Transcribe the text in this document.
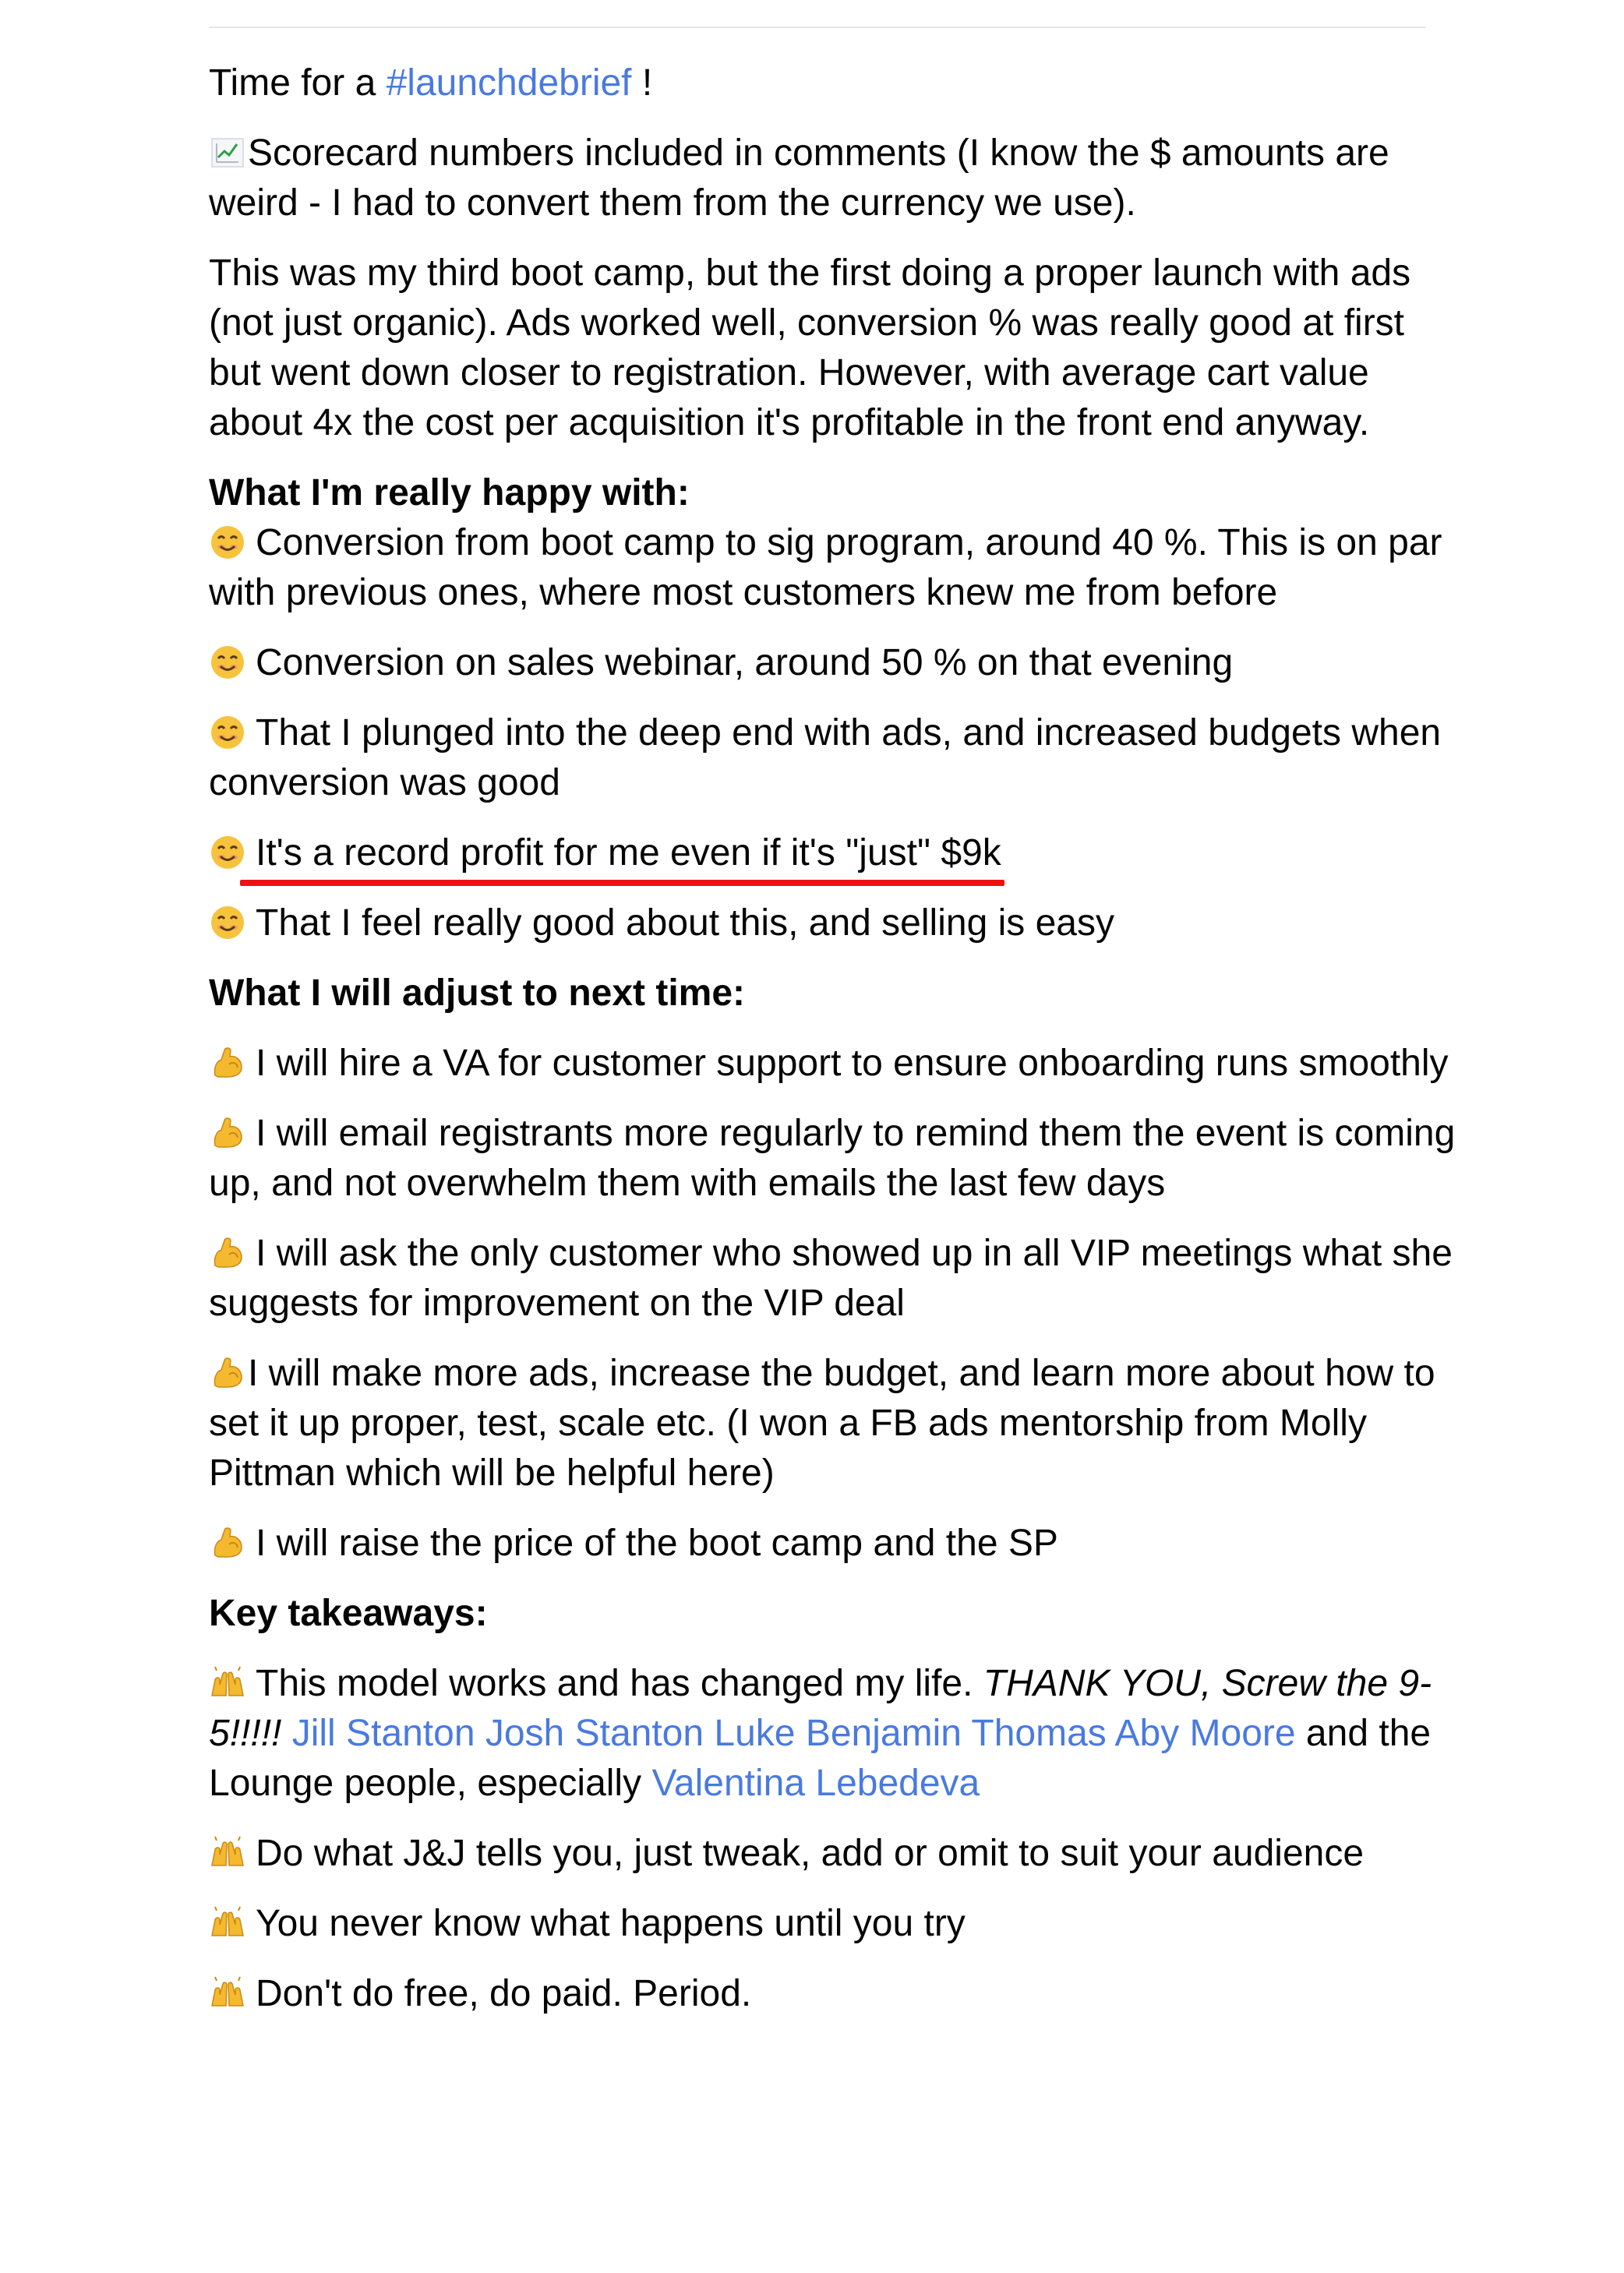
Time for a #launchdebrief !
Scorecard numbers included in comments (I know the $ amounts are weird - I had to convert them from the currency we use).
This was my third boot camp, but the first doing a proper launch with ads (not just organic). Ads worked well, conversion % was really good at first but went down closer to registration. However, with average cart value about 4x the cost per acquisition it's profitable in the front end anyway.
What I'm really happy with:
Conversion from boot camp to sig program, around 40 %. This is on par with previous ones, where most customers knew me from before
Conversion on sales webinar, around 50 % on that evening
That I plunged into the deep end with ads, and increased budgets when conversion was good
It's a record profit for me even if it's "just" $9k
That I feel really good about this, and selling is easy
What I will adjust to next time:
I will hire a VA for customer support to ensure onboarding runs smoothly
I will email registrants more regularly to remind them the event is coming up, and not overwhelm them with emails the last few days
I will ask the only customer who showed up in all VIP meetings what she suggests for improvement on the VIP deal
I will make more ads, increase the budget, and learn more about how to set it up proper, test, scale etc. (I won a FB ads mentorship from Molly Pittman which will be helpful here)
I will raise the price of the boot camp and the SP
Key takeaways:
This model works and has changed my life. THANK YOU, Screw the 9-5!!!!! Jill Stanton Josh Stanton Luke Benjamin Thomas Aby Moore and the Lounge people, especially Valentina Lebedeva
Do what J&J tells you, just tweak, add or omit to suit your audience
You never know what happens until you try
Don't do free, do paid. Period.
